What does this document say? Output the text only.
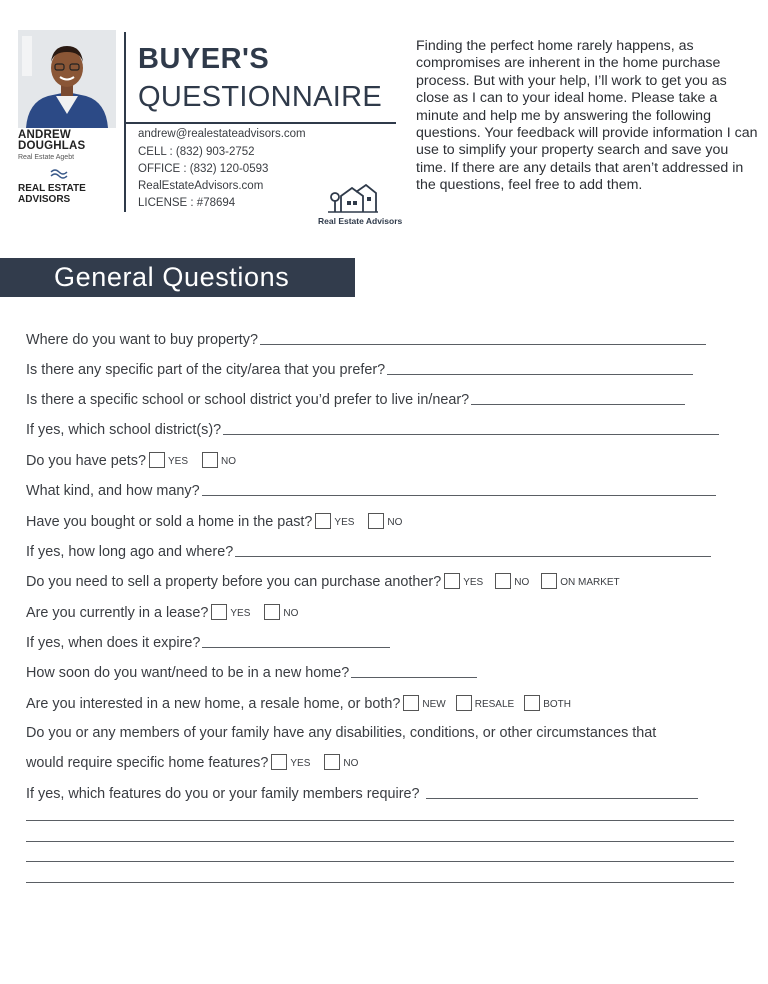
ANDREW
DOUGHLAS
Real Estate Agebt
REAL ESTATE
ADVISORS
BUYER'S
QUESTIONNAIRE
andrew@realestateadvisors.com
CELL : (832) 903-2752
OFFICE : (832) 120-0593
RealEstateAdvisors.com
LICENSE : #78694
Real Estate Advisors
Finding the perfect home rarely happens, as compromises are inherent in the home purchase process. But with your help, I’ll work to get you as close as I can to your ideal home. Please take a minute and help me by answering the following questions. Your feedback will provide information I can use to simplify your property search and save you time. If there are any details that aren’t addressed in the questions, feel free to add them.
General Questions
Where do you want to buy property?
Is there any specific part of the city/area that you prefer?
Is there a specific school or school district you’d prefer to live in/near?
If yes, which school district(s)?
Do you have pets? YES	NO
What kind, and how many?
Have you bought or sold a home in the past? YES	NO
If yes, how long ago and where?
Do you need to sell a property before you can purchase another? YES	NO	ON MARKET
Are you currently in a lease? YES	NO
If yes, when does it expire?
How soon do you want/need to be in a new home?
Are you interested in a new home, a resale home, or both? NEW	RESALE	BOTH
Do you or any members of your family have any disabilities, conditions, or other circumstances that
would require specific home features? YES	NO
If yes, which features do you or your family members require?
